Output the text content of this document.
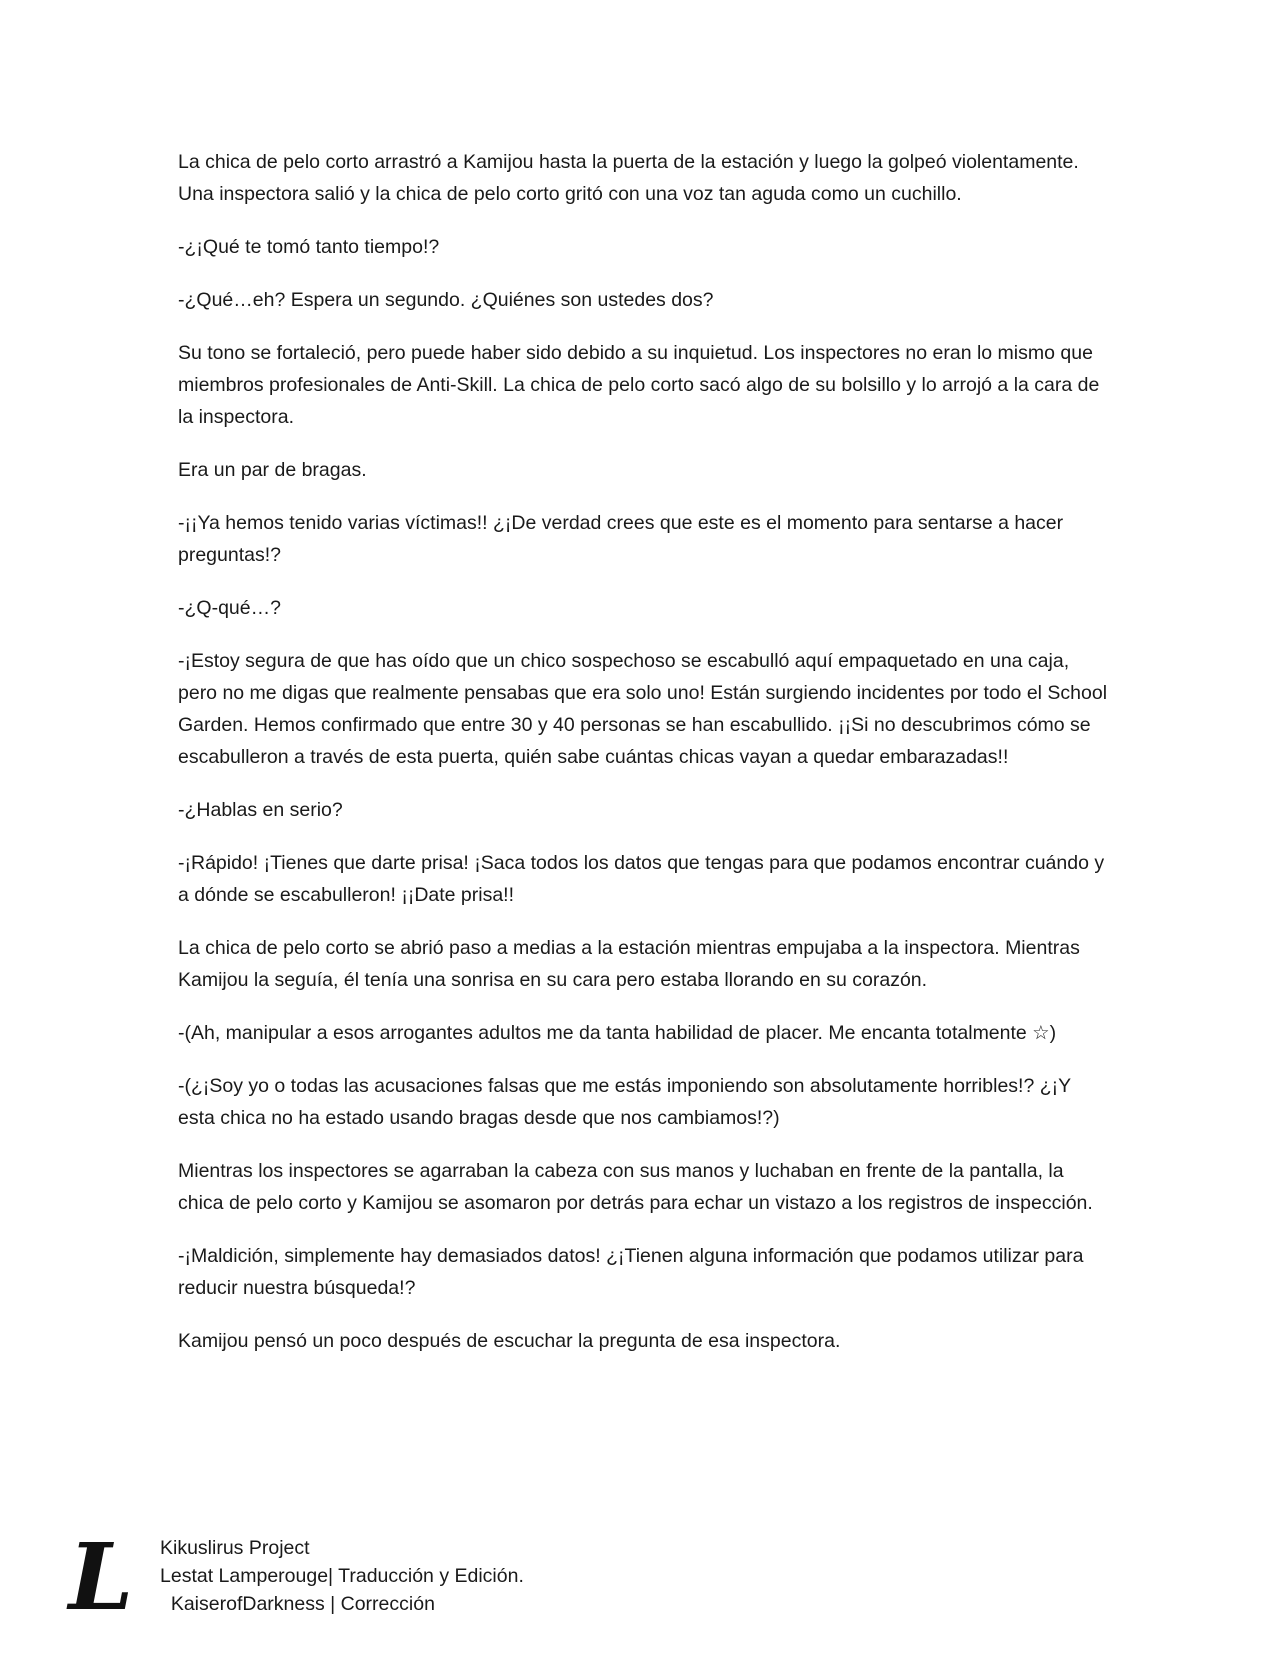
La chica de pelo corto arrastró a Kamijou hasta la puerta de la estación y luego la golpeó violentamente. Una inspectora salió y la chica de pelo corto gritó con una voz tan aguda como un cuchillo.

-¿¡Qué te tomó tanto tiempo!?

-¿Qué…eh? Espera un segundo. ¿Quiénes son ustedes dos?

Su tono se fortaleció, pero puede haber sido debido a su inquietud. Los inspectores no eran lo mismo que miembros profesionales de Anti-Skill. La chica de pelo corto sacó algo de su bolsillo y lo arrojó a la cara de la inspectora.

Era un par de bragas.

-¡¡Ya hemos tenido varias víctimas!! ¿¡De verdad crees que este es el momento para sentarse a hacer preguntas!?

-¿Q-qué…?

-¡Estoy segura de que has oído que un chico sospechoso se escabulló aquí empaquetado en una caja, pero no me digas que realmente pensabas que era solo uno! Están surgiendo incidentes por todo el School Garden. Hemos confirmado que entre 30 y 40 personas se han escabullido. ¡¡Si no descubrimos cómo se escabulleron a través de esta puerta, quién sabe cuántas chicas vayan a quedar embarazadas!!

-¿Hablas en serio?

-¡Rápido! ¡Tienes que darte prisa! ¡Saca todos los datos que tengas para que podamos encontrar cuándo y a dónde se escabulleron! ¡¡Date prisa!!

La chica de pelo corto se abrió paso a medias a la estación mientras empujaba a la inspectora. Mientras Kamijou la seguía, él tenía una sonrisa en su cara pero estaba llorando en su corazón.

-(Ah, manipular a esos arrogantes adultos me da tanta habilidad de placer. Me encanta totalmente ☆)

-(¿¡Soy yo o todas las acusaciones falsas que me estás imponiendo son absolutamente horribles!? ¿¡Y esta chica no ha estado usando bragas desde que nos cambiamos!?)

Mientras los inspectores se agarraban la cabeza con sus manos y luchaban en frente de la pantalla, la chica de pelo corto y Kamijou se asomaron por detrás para echar un vistazo a los registros de inspección.

-¡Maldición, simplemente hay demasiados datos! ¿¡Tienen alguna información que podamos utilizar para reducir nuestra búsqueda!?

Kamijou pensó un poco después de escuchar la pregunta de esa inspectora.

L Kikuslirus Project
Lestat Lamperouge| Traducción y Edición.
KaiserofDarkness | Corrección
